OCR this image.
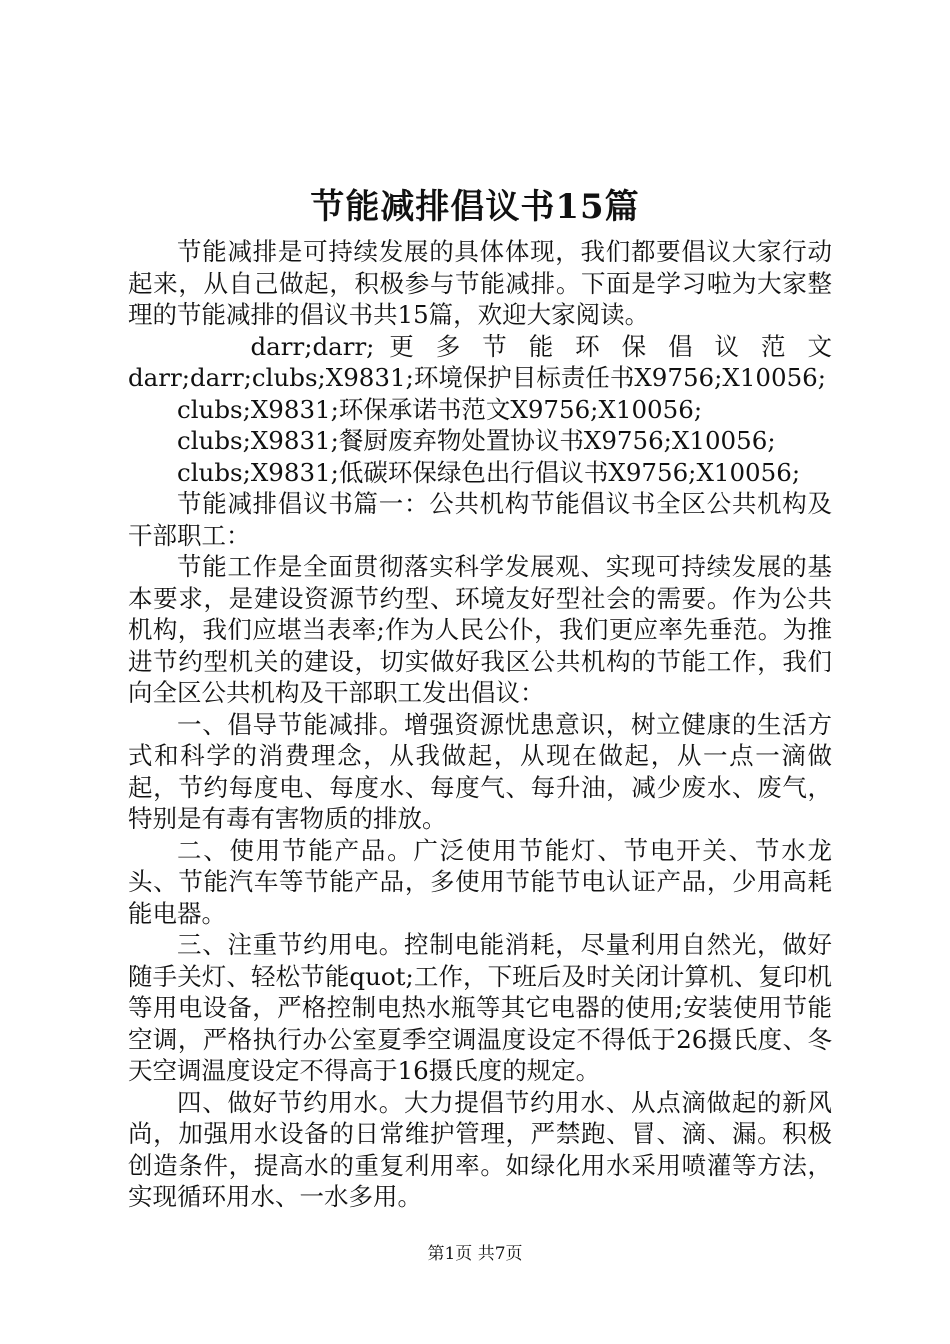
节能减排倡议书15篇

节能减排是可持续发展的具体体现，我们都要倡议大家行动起来，从自己做起，积极参与节能减排。下面是学习啦为大家整理的节能减排的倡议书共15篇，欢迎大家阅读。

darr;darr; 更 多 节 能 环 保 倡 议 范 文

darr;darr;clubs;X9831;环境保护目标责任书X9756;X10056;

clubs;X9831;环保承诺书范文X9756;X10056;

clubs;X9831;餐厨废弃物处置协议书X9756;X10056;

clubs;X9831;低碳环保绿色出行倡议书X9756;X10056;

节能减排倡议书篇一：公共机构节能倡议书全区公共机构及干部职工：

节能工作是全面贯彻落实科学发展观、实现可持续发展的基本要求，是建设资源节约型、环境友好型社会的需要。作为公共机构，我们应堪当表率;作为人民公仆，我们更应率先垂范。为推进节约型机关的建设，切实做好我区公共机构的节能工作，我们向全区公共机构及干部职工发出倡议：

一、倡导节能减排。增强资源忧患意识，树立健康的生活方式和科学的消费理念，从我做起，从现在做起，从一点一滴做起，节约每度电、每度水、每度气、每升油，减少废水、废气，特别是有毒有害物质的排放。

二、使用节能产品。广泛使用节能灯、节电开关、节水龙头、节能汽车等节能产品，多使用节能节电认证产品，少用高耗能电器。

三、注重节约用电。控制电能消耗，尽量利用自然光，做好随手关灯、轻松节能quot;工作，下班后及时关闭计算机、复印机等用电设备，严格控制电热水瓶等其它电器的使用;安装使用节能空调，严格执行办公室夏季空调温度设定不得低于26摄氏度、冬天空调温度设定不得高于16摄氏度的规定。

四、做好节约用水。大力提倡节约用水、从点滴做起的新风尚，加强用水设备的日常维护管理，严禁跑、冒、滴、漏。积极创造条件，提高水的重复利用率。如绿化用水采用喷灌等方法，实现循环用水、一水多用。

第1页 共7页
